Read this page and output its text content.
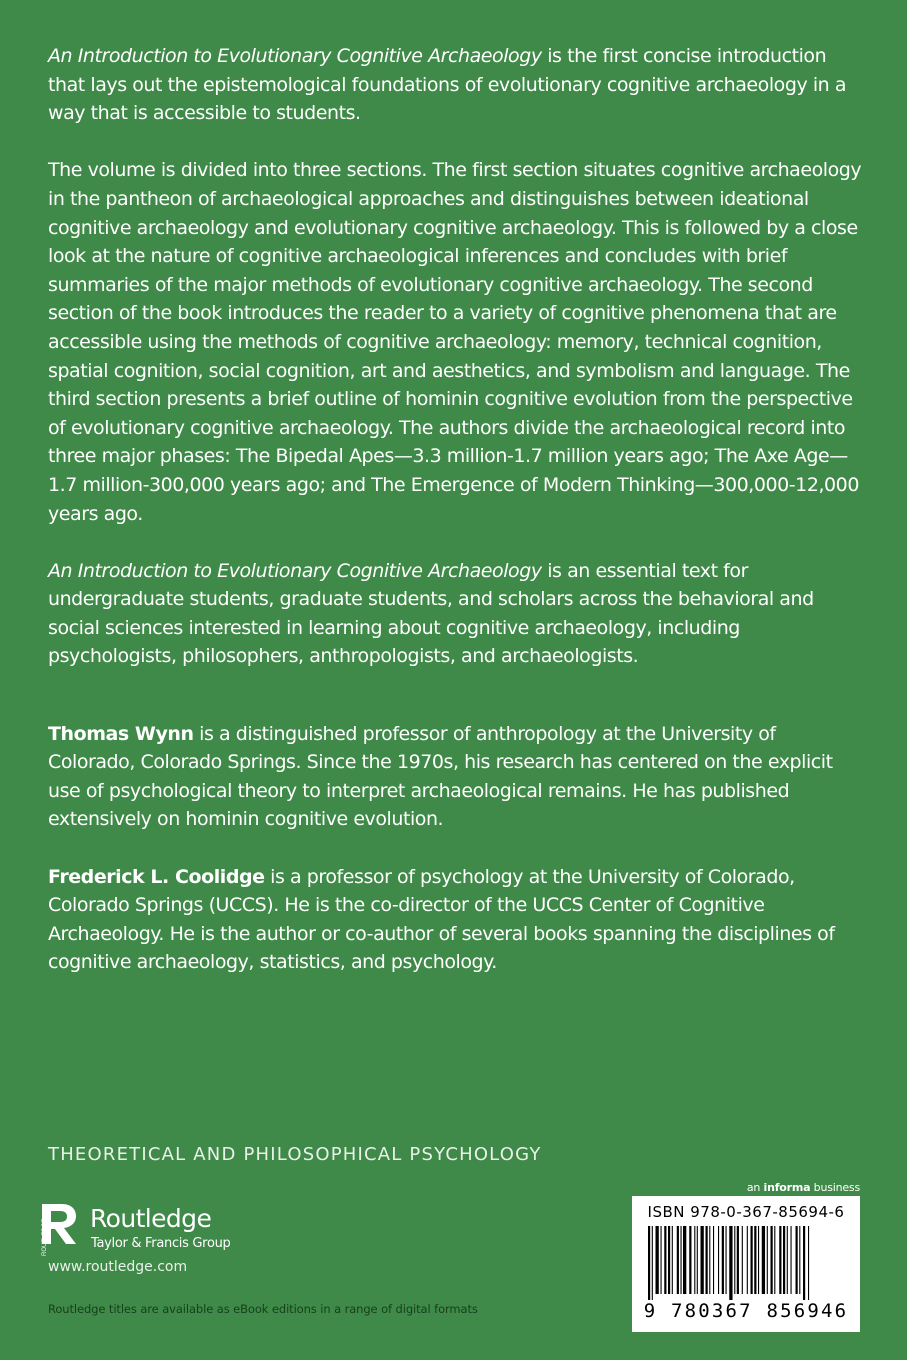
An Introduction to Evolutionary Cognitive Archaeology is the first concise introduction that lays out the epistemological foundations of evolutionary cognitive archaeology in a way that is accessible to students.

The volume is divided into three sections. The first section situates cognitive archaeology in the pantheon of archaeological approaches and distinguishes between ideational cognitive archaeology and evolutionary cognitive archaeology. This is followed by a close look at the nature of cognitive archaeological inferences and concludes with brief summaries of the major methods of evolutionary cognitive archaeology. The second section of the book introduces the reader to a variety of cognitive phenomena that are accessible using the methods of cognitive archaeology: memory, technical cognition, spatial cognition, social cognition, art and aesthetics, and symbolism and language. The third section presents a brief outline of hominin cognitive evolution from the perspective of evolutionary cognitive archaeology. The authors divide the archaeological record into three major phases: The Bipedal Apes—3.3 million-1.7 million years ago; The Axe Age—1.7 million-300,000 years ago; and The Emergence of Modern Thinking—300,000-12,000 years ago.

An Introduction to Evolutionary Cognitive Archaeology is an essential text for undergraduate students, graduate students, and scholars across the behavioral and social sciences interested in learning about cognitive archaeology, including psychologists, philosophers, anthropologists, and archaeologists.

Thomas Wynn is a distinguished professor of anthropology at the University of Colorado, Colorado Springs. Since the 1970s, his research has centered on the explicit use of psychological theory to interpret archaeological remains. He has published extensively on hominin cognitive evolution.

Frederick L. Coolidge is a professor of psychology at the University of Colorado, Colorado Springs (UCCS). He is the co-director of the UCCS Center of Cognitive Archaeology. He is the author or co-author of several books spanning the disciplines of cognitive archaeology, statistics, and psychology.

THEORETICAL AND PHILOSOPHICAL PSYCHOLOGY
ROUTLEDGE
Routledge
Taylor & Francis Group
www.routledge.com
Routledge titles are available as eBook editions in a range of digital formats
an informa business
ISBN 978-0-367-85694-6
9 780367 856946
